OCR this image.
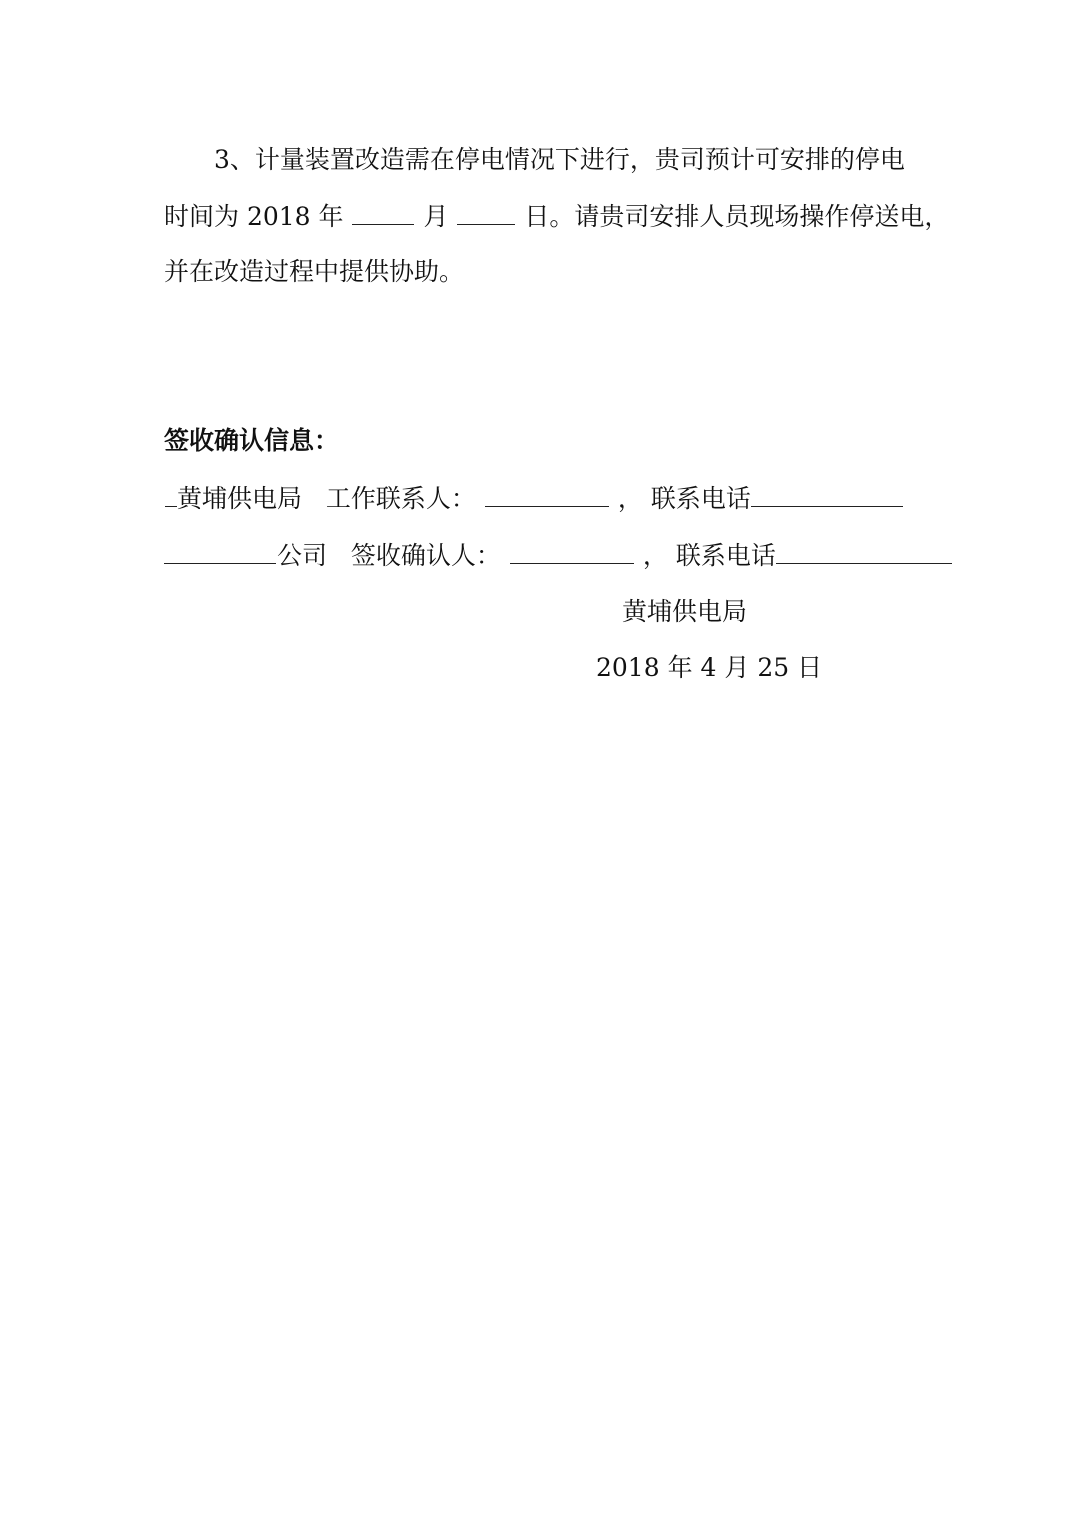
3、计量装置改造需在停电情况下进行，贵司预计可安排的停电
时间为 2018 年	月	日。请贵司安排人员现场操作停送电，
并在改造过程中提供协助。
签收确认信息：
黄埔供电局 工作联系人：	， 联系电话
公司 签收确认人：	， 联系电话
黄埔供电局
2018 年 4 月 25 日
